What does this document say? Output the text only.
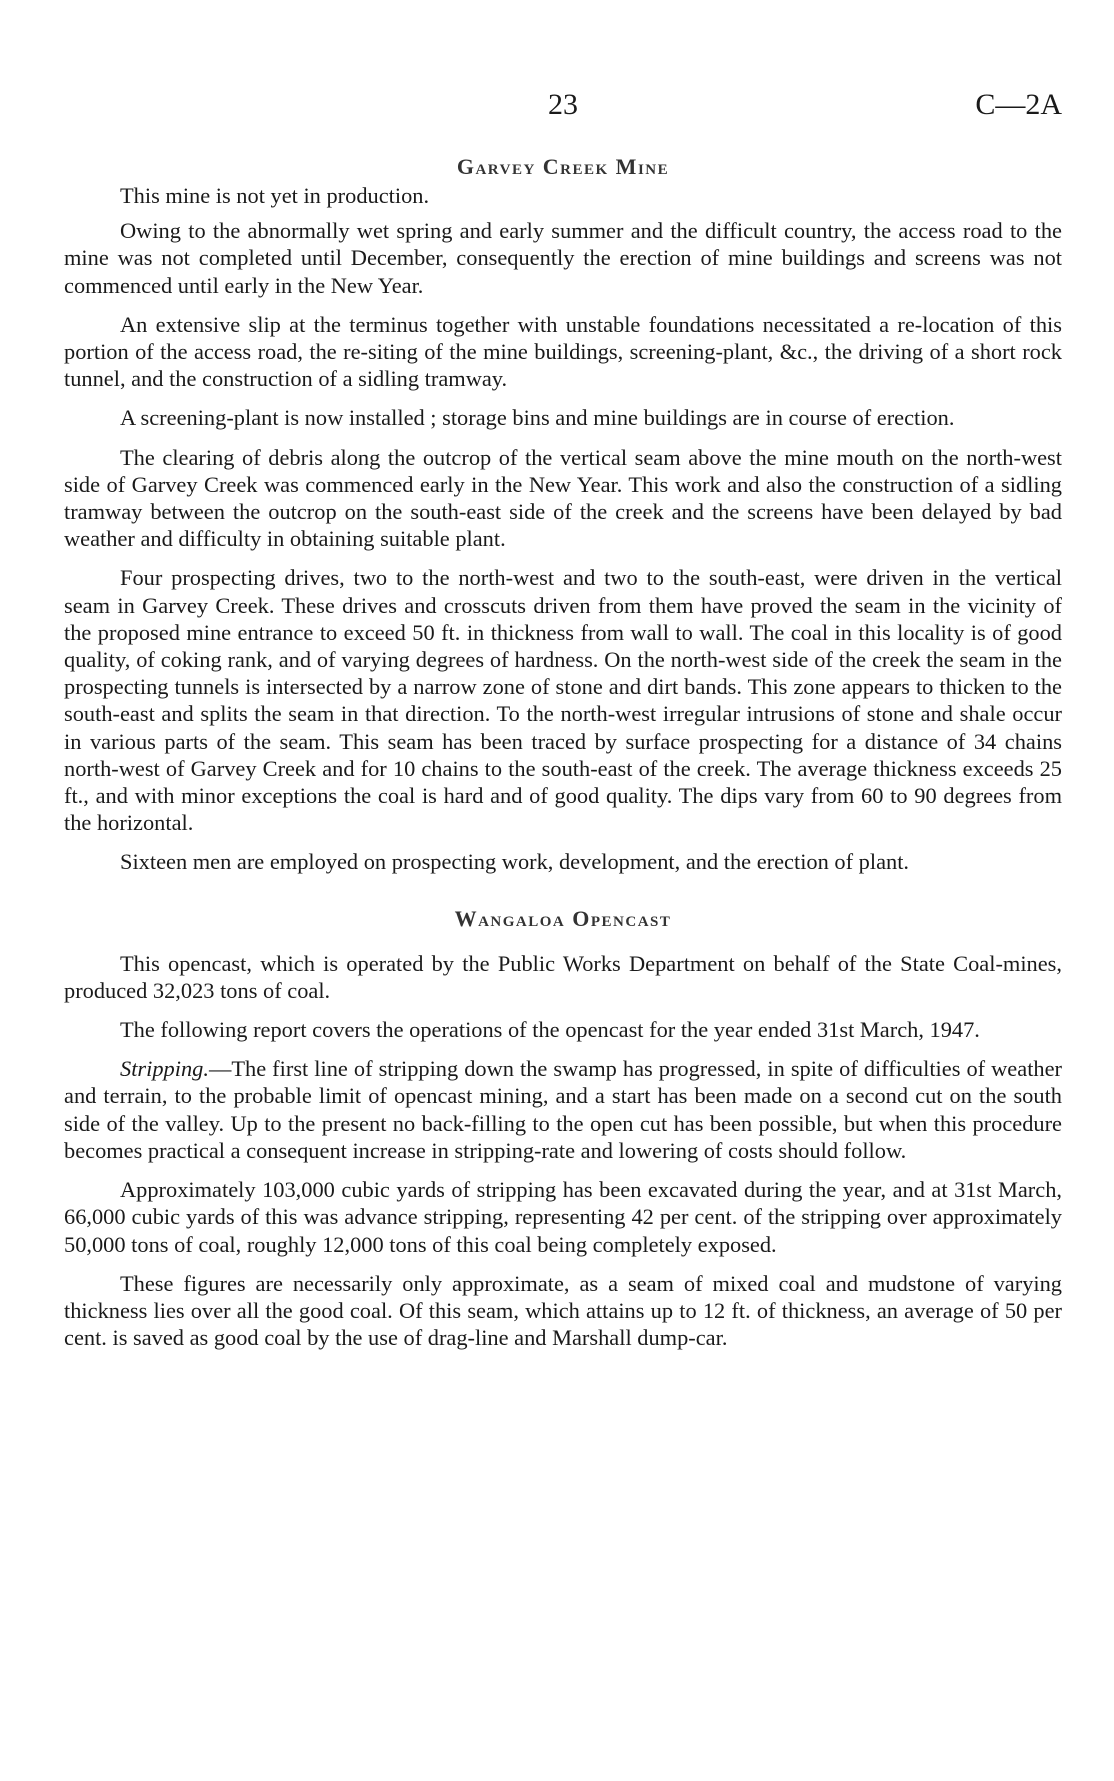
23	C—2A
Garvey Creek Mine

This mine is not yet in production.

Owing to the abnormally wet spring and early summer and the difficult country, the access road to the mine was not completed until December, consequently the erection of mine buildings and screens was not commenced until early in the New Year.

An extensive slip at the terminus together with unstable foundations necessitated a re-location of this portion of the access road, the re-siting of the mine buildings, screening-plant, &c., the driving of a short rock tunnel, and the construction of a sidling tramway.

A screening-plant is now installed ; storage bins and mine buildings are in course of erection.

The clearing of debris along the outcrop of the vertical seam above the mine mouth on the north-west side of Garvey Creek was commenced early in the New Year. This work and also the construction of a sidling tramway between the outcrop on the south-east side of the creek and the screens have been delayed by bad weather and difficulty in obtaining suitable plant.

Four prospecting drives, two to the north-west and two to the south-east, were driven in the vertical seam in Garvey Creek. These drives and crosscuts driven from them have proved the seam in the vicinity of the proposed mine entrance to exceed 50 ft. in thickness from wall to wall. The coal in this locality is of good quality, of coking rank, and of varying degrees of hardness. On the north-west side of the creek the seam in the prospecting tunnels is intersected by a narrow zone of stone and dirt bands. This zone appears to thicken to the south-east and splits the seam in that direction. To the north-west irregular intrusions of stone and shale occur in various parts of the seam. This seam has been traced by surface prospecting for a distance of 34 chains north-west of Garvey Creek and for 10 chains to the south-east of the creek. The average thickness exceeds 25 ft., and with minor exceptions the coal is hard and of good quality. The dips vary from 60 to 90 degrees from the horizontal.

Sixteen men are employed on prospecting work, development, and the erection of plant.

Wangaloa Opencast

This opencast, which is operated by the Public Works Department on behalf of the State Coal-mines, produced 32,023 tons of coal.

The following report covers the operations of the opencast for the year ended 31st March, 1947.

Stripping.—The first line of stripping down the swamp has progressed, in spite of difficulties of weather and terrain, to the probable limit of opencast mining, and a start has been made on a second cut on the south side of the valley. Up to the present no back-filling to the open cut has been possible, but when this procedure becomes practical a consequent increase in stripping-rate and lowering of costs should follow.

Approximately 103,000 cubic yards of stripping has been excavated during the year, and at 31st March, 66,000 cubic yards of this was advance stripping, representing 42 per cent. of the stripping over approximately 50,000 tons of coal, roughly 12,000 tons of this coal being completely exposed.

These figures are necessarily only approximate, as a seam of mixed coal and mudstone of varying thickness lies over all the good coal. Of this seam, which attains up to 12 ft. of thickness, an average of 50 per cent. is saved as good coal by the use of drag-line and Marshall dump-car.
